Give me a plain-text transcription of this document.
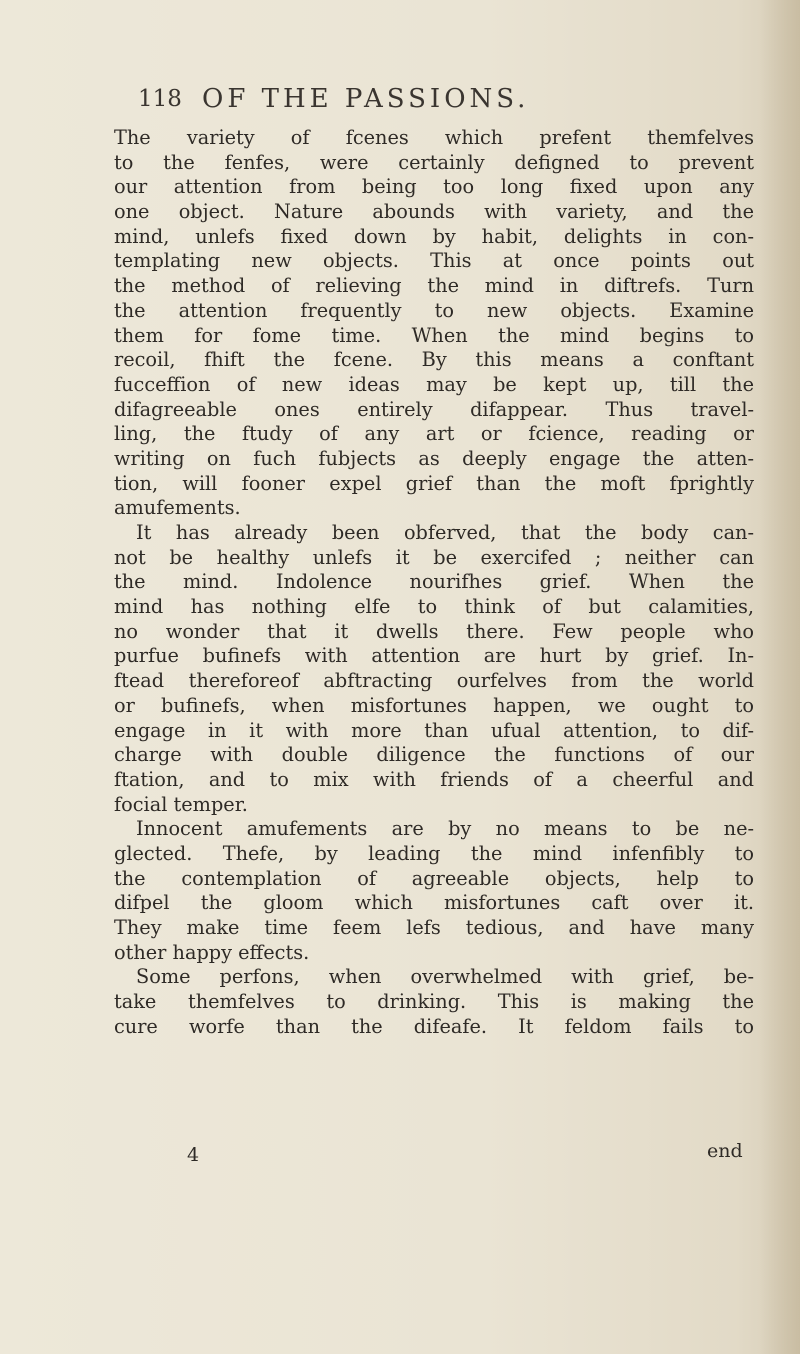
118 OF THE PASSIONS.
The variety of fcenes which prefent themfelves
to the fenfes, were certainly defigned to prevent
our attention from being too long fixed upon any
one object. Nature abounds with variety, and the
mind, unlefs fixed down by habit, delights in con-
templating new objects. This at once points out
the method of relieving the mind in diftrefs. Turn
the attention frequently to new objects. Examine
them for fome time. When the mind begins to
recoil, fhift the fcene. By this means a conftant
fucceffion of new ideas may be kept up, till the
difagreeable ones entirely difappear. Thus travel-
ling, the ftudy of any art or fcience, reading or
writing on fuch fubjects as deeply engage the atten-
tion, will fooner expel grief than the moft fprightly
amufements.
It has already been obferved, that the body can-
not be healthy unlefs it be exercifed ; neither can
the mind. Indolence nourifhes grief. When the
mind has nothing elfe to think of but calamities,
no wonder that it dwells there. Few people who
purfue bufinefs with attention are hurt by grief. In-
ftead thereforeof abftracting ourfelves from the world
or bufinefs, when misfortunes happen, we ought to
engage in it with more than ufual attention, to dif-
charge with double diligence the functions of our
ftation, and to mix with friends of a cheerful and
focial temper.
Innocent amufements are by no means to be ne-
glected. Thefe, by leading the mind infenfibly to
the contemplation of agreeable objects, help to
difpel the gloom which misfortunes caft over it.
They make time feem lefs tedious, and have many
other happy effects.
Some perfons, when overwhelmed with grief, be-
take themfelves to drinking. This is making the
cure worfe than the difeafe. It feldom fails to
4	end
